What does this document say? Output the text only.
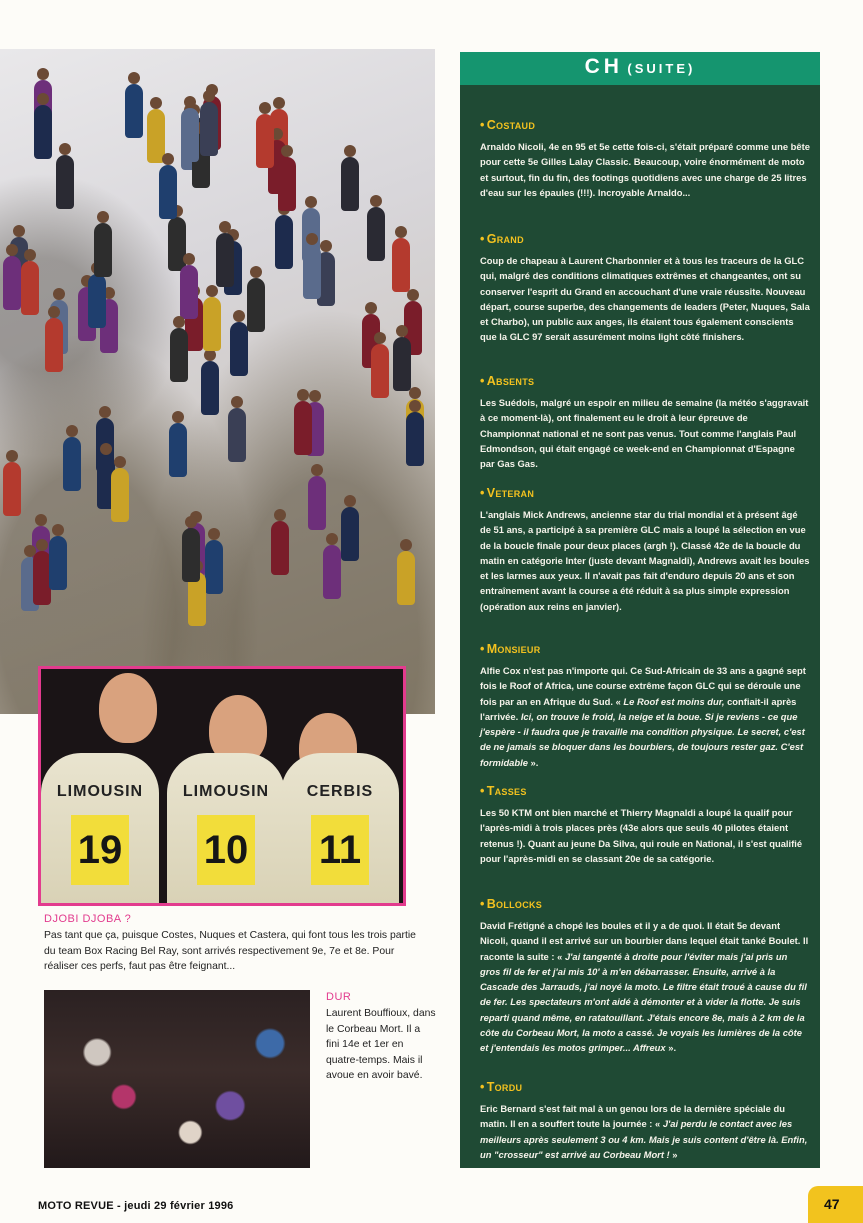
LIMOUSIN
19
LIMOUSIN
10
CERBIS
11
DJOBI DJOBA ?
Pas tant que ça, puisque Costes, Nuques et Castera, qui font tous les trois partie du team Box Racing Bel Ray, sont arrivés respectivement 9e, 7e et 8e. Pour réaliser ces perfs, faut pas être feignant...
DUR
Laurent Bouffioux, dans le Corbeau Mort. Il a fini 14e et 1er en quatre-temps. Mais il avoue en avoir bavé.
CH (SUITE)
• Costaud

Arnaldo Nicoli, 4e en 95 et 5e cette fois-ci, s'était préparé comme une bête pour cette 5e Gilles Lalay Classic. Beaucoup, voire énormément de moto et surtout, fin du fin, des footings quotidiens avec une charge de 25 litres d'eau sur les épaules (!!!). Incroyable Arnaldo...

• Grand

Coup de chapeau à Laurent Charbonnier et à tous les traceurs de la GLC qui, malgré des conditions climatiques extrêmes et changeantes, ont su conserver l'esprit du Grand en accouchant d'une vraie réussite. Nouveau départ, course superbe, des changements de leaders (Peter, Nuques, Sala et Charbo), un public aux anges, ils étaient tous également conscients que la GLC 97 serait assurément moins light côté finishers.

• Absents

Les Suédois, malgré un espoir en milieu de semaine (la météo s'aggravait à ce moment-là), ont finalement eu le droit à leur épreuve de Championnat national et ne sont pas venus. Tout comme l'anglais Paul Edmondson, qui était engagé ce week-end en Championnat d'Espagne par Gas Gas.

• Veteran

L'anglais Mick Andrews, ancienne star du trial mondial et à présent âgé de 51 ans, a participé à sa première GLC mais a loupé la sélection en vue de la boucle finale pour deux places (argh !). Classé 42e de la boucle du matin en catégorie Inter (juste devant Magnaldi), Andrews avait les boules et les larmes aux yeux. Il n'avait pas fait d'enduro depuis 20 ans et son entraînement avant la course a été réduit à sa plus simple expression (opération aux reins en janvier).

• Monsieur

Alfie Cox n'est pas n'importe qui. Ce Sud-Africain de 33 ans a gagné sept fois le Roof of Africa, une course extrême façon GLC qui se déroule une fois par an en Afrique du Sud. « Le Roof est moins dur, confiait-il après l'arrivée. Ici, on trouve le froid, la neige et la boue. Si je reviens - ce que j'espère - il faudra que je travaille ma condition physique. Le secret, c'est de ne jamais se bloquer dans les bourbiers, de toujours rester gaz. C'est formidable ».

• Tasses

Les 50 KTM ont bien marché et Thierry Magnaldi a loupé la qualif pour l'après-midi à trois places près (43e alors que seuls 40 pilotes étaient retenus !). Quant au jeune Da Silva, qui roule en National, il s'est qualifié pour l'après-midi en se classant 20e de sa catégorie.

• Bollocks

David Frétigné a chopé les boules et il y a de quoi. Il était 5e devant Nicoli, quand il est arrivé sur un bourbier dans lequel était tanké Boulet. Il raconte la suite : « J'ai tangenté à droite pour l'éviter mais j'ai pris un gros fil de fer et j'ai mis 10' à m'en débarrasser. Ensuite, arrivé à la Cascade des Jarrauds, j'ai noyé la moto. Le filtre était troué à cause du fil de fer. Les spectateurs m'ont aidé à démonter et à vider la flotte. Je suis reparti quand même, en ratatouillant. J'étais encore 8e, mais à 2 km de la côte du Corbeau Mort, la moto a cassé. Je voyais les lumières de la côte et j'entendais les motos grimper... Affreux ».

• Tordu

Eric Bernard s'est fait mal à un genou lors de la dernière spéciale du matin. Il en a souffert toute la journée : « J'ai perdu le contact avec les meilleurs après seulement 3 ou 4 km. Mais je suis content d'être là. Enfin, un "crosseur" est arrivé au Corbeau Mort ! »

MOTO REVUE - jeudi 29 février 1996	47
